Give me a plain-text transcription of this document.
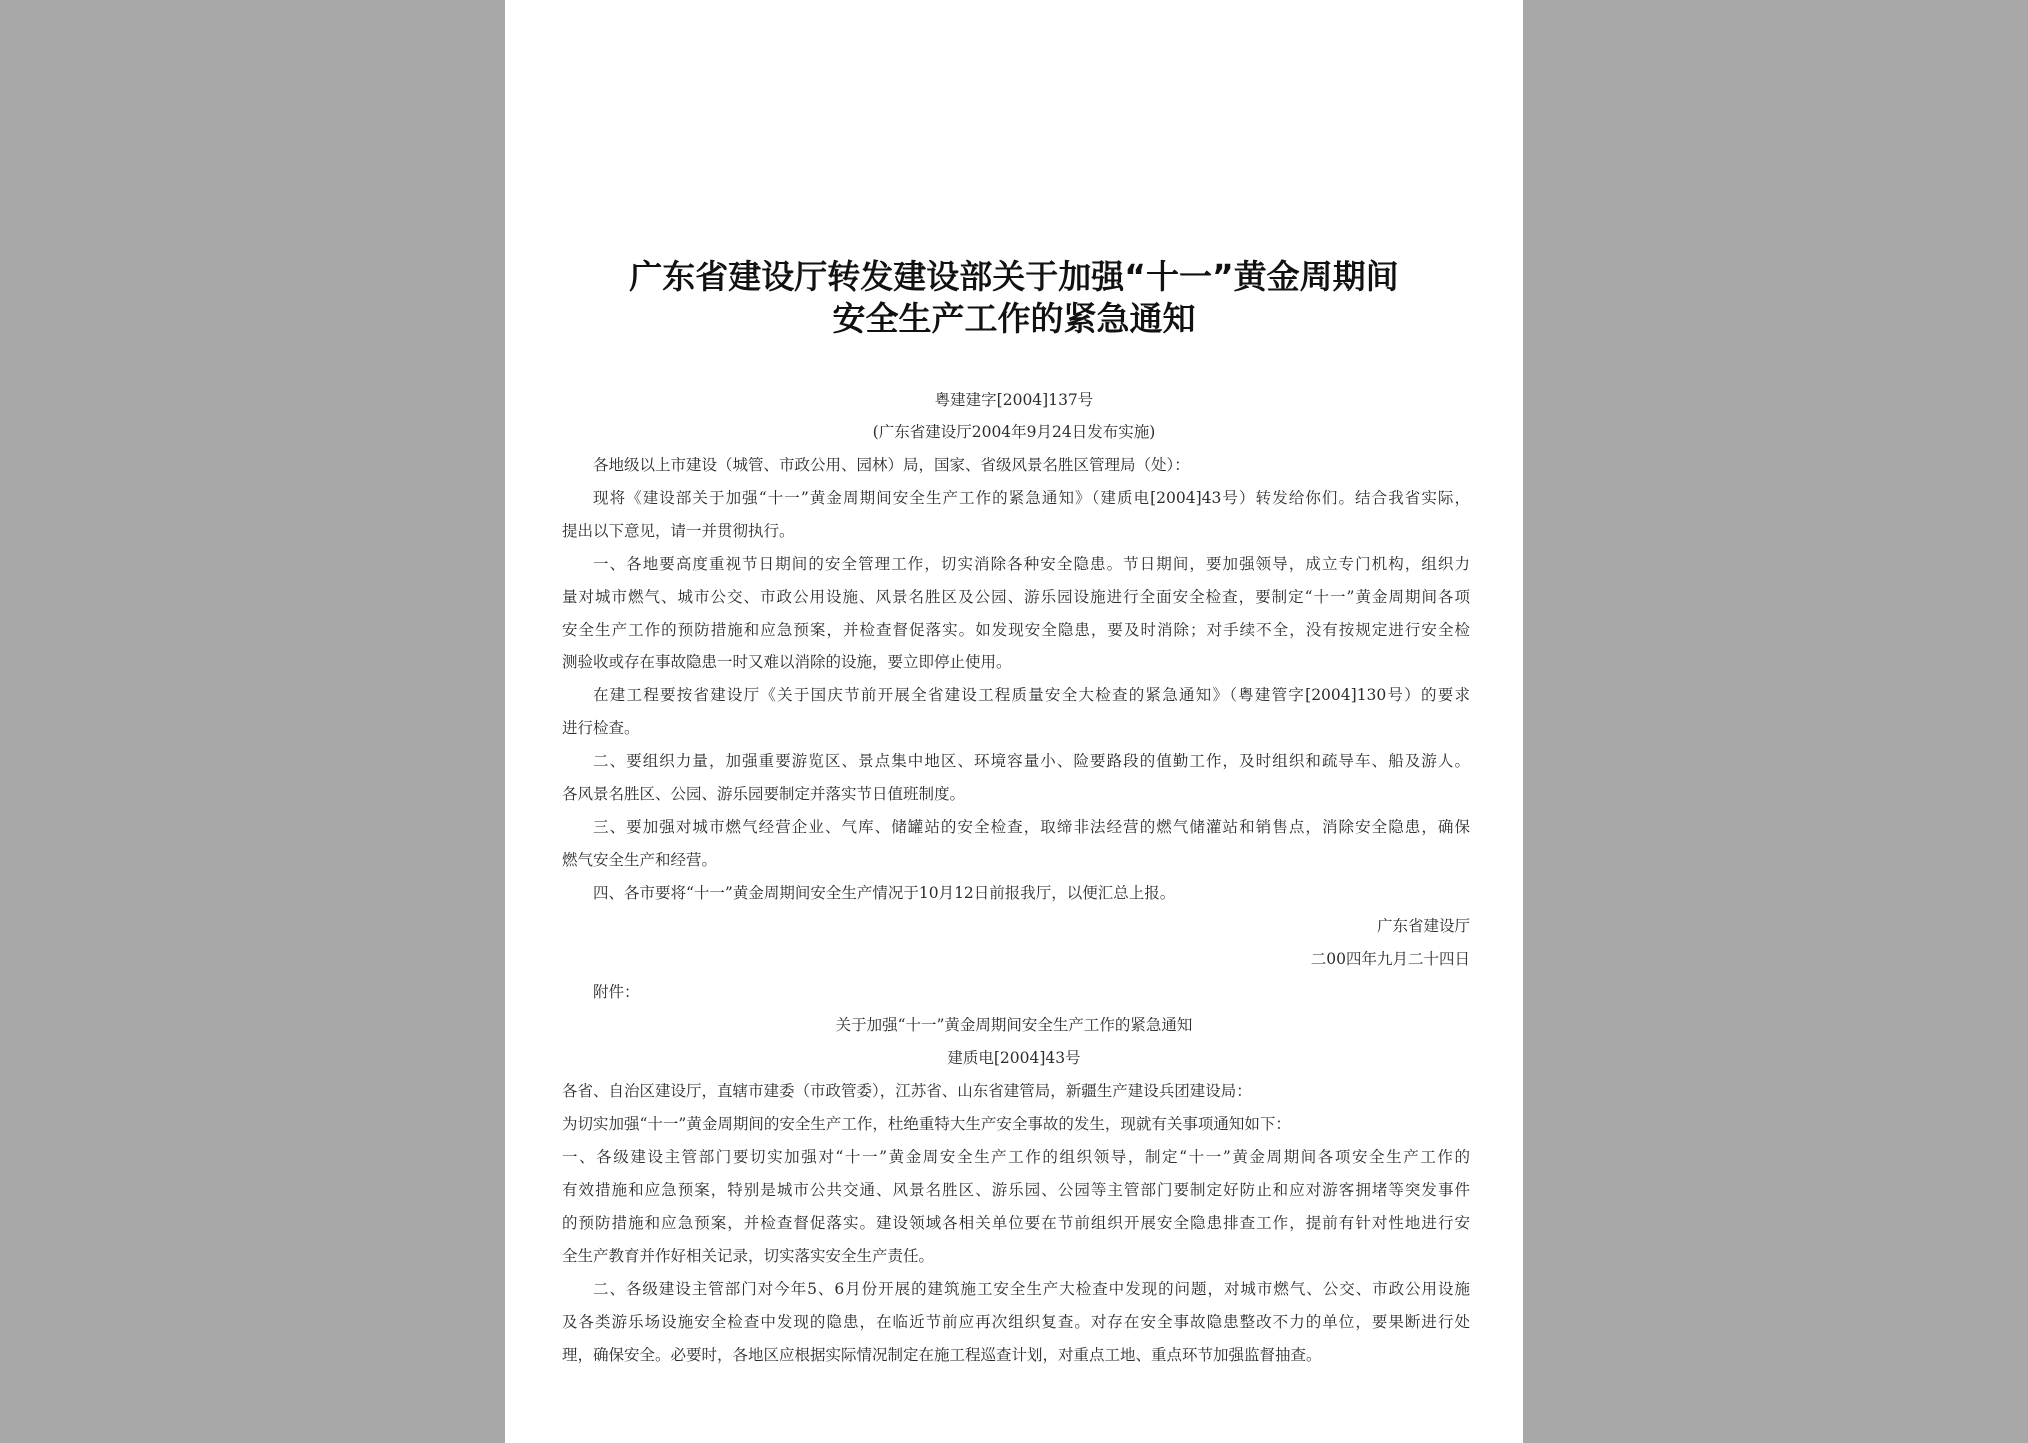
广东省建设厅转发建设部关于加强“十一”黄金周期间
安全生产工作的紧急通知
粤建建字[2004]137号
(广东省建设厅2004年9月24日发布实施)
各地级以上市建设（城管、市政公用、园林）局，国家、省级风景名胜区管理局（处）：
现将《建设部关于加强“十一”黄金周期间安全生产工作的紧急通知》（建质电[2004]43号）转发给你们。结合我省实际，
提出以下意见，请一并贯彻执行。
一、各地要高度重视节日期间的安全管理工作，切实消除各种安全隐患。节日期间，要加强领导，成立专门机构，组织力
量对城市燃气、城市公交、市政公用设施、风景名胜区及公园、游乐园设施进行全面安全检查，要制定“十一”黄金周期间各项
安全生产工作的预防措施和应急预案，并检查督促落实。如发现安全隐患，要及时消除；对手续不全，没有按规定进行安全检
测验收或存在事故隐患一时又难以消除的设施，要立即停止使用。
在建工程要按省建设厅《关于国庆节前开展全省建设工程质量安全大检查的紧急通知》（粤建管字[2004]130号）的要求
进行检查。
二、要组织力量，加强重要游览区、景点集中地区、环境容量小、险要路段的值勤工作，及时组织和疏导车、船及游人。
各风景名胜区、公园、游乐园要制定并落实节日值班制度。
三、要加强对城市燃气经营企业、气库、储罐站的安全检查，取缔非法经营的燃气储灌站和销售点，消除安全隐患，确保
燃气安全生产和经营。
四、各市要将“十一”黄金周期间安全生产情况于10月12日前报我厅，以便汇总上报。
广东省建设厅
二00四年九月二十四日
附件：
关于加强“十一”黄金周期间安全生产工作的紧急通知
建质电[2004]43号
各省、自治区建设厅，直辖市建委（市政管委），江苏省、山东省建管局，新疆生产建设兵团建设局：
为切实加强“十一”黄金周期间的安全生产工作，杜绝重特大生产安全事故的发生，现就有关事项通知如下：
一、各级建设主管部门要切实加强对“十一”黄金周安全生产工作的组织领导，制定“十一”黄金周期间各项安全生产工作的
有效措施和应急预案，特别是城市公共交通、风景名胜区、游乐园、公园等主管部门要制定好防止和应对游客拥堵等突发事件
的预防措施和应急预案，并检查督促落实。建设领域各相关单位要在节前组织开展安全隐患排查工作，提前有针对性地进行安
全生产教育并作好相关记录，切实落实安全生产责任。
二、各级建设主管部门对今年5、6月份开展的建筑施工安全生产大检查中发现的问题，对城市燃气、公交、市政公用设施
及各类游乐场设施安全检查中发现的隐患，在临近节前应再次组织复查。对存在安全事故隐患整改不力的单位，要果断进行处
理，确保安全。必要时，各地区应根据实际情况制定在施工程巡查计划，对重点工地、重点环节加强监督抽查。
